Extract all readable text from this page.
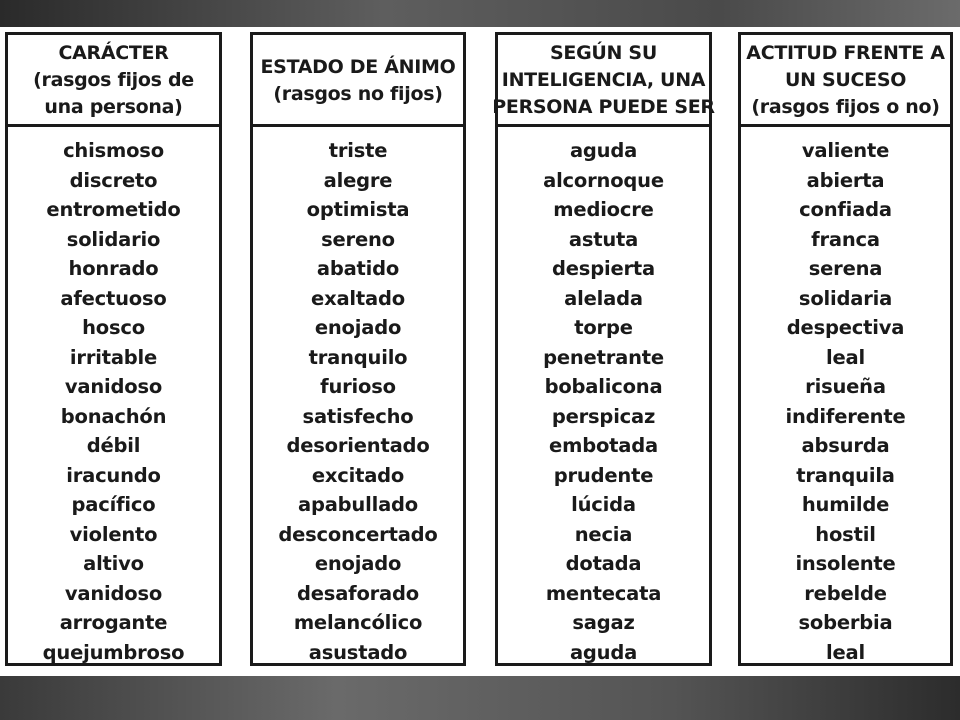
CARÁCTER
(rasgos fijos de
una persona)
chismoso
discreto
entrometido
solidario
honrado
afectuoso
hosco
irritable
vanidoso
bonachón
débil
iracundo
pacífico
violento
altivo
vanidoso
arrogante
quejumbroso
ESTADO DE ÁNIMO
(rasgos no fijos)
triste
alegre
optimista
sereno
abatido
exaltado
enojado
tranquilo
furioso
satisfecho
desorientado
excitado
apabullado
desconcertado
enojado
desaforado
melancólico
asustado
SEGÚN SU
INTELIGENCIA, UNA
PERSONA PUEDE SER
aguda
alcornoque
mediocre
astuta
despierta
alelada
torpe
penetrante
bobalicona
perspicaz
embotada
prudente
lúcida
necia
dotada
mentecata
sagaz
aguda
ACTITUD FRENTE A
UN SUCESO
(rasgos fijos o no)
valiente
abierta
confiada
franca
serena
solidaria
despectiva
leal
risueña
indiferente
absurda
tranquila
humilde
hostil
insolente
rebelde
soberbia
leal
